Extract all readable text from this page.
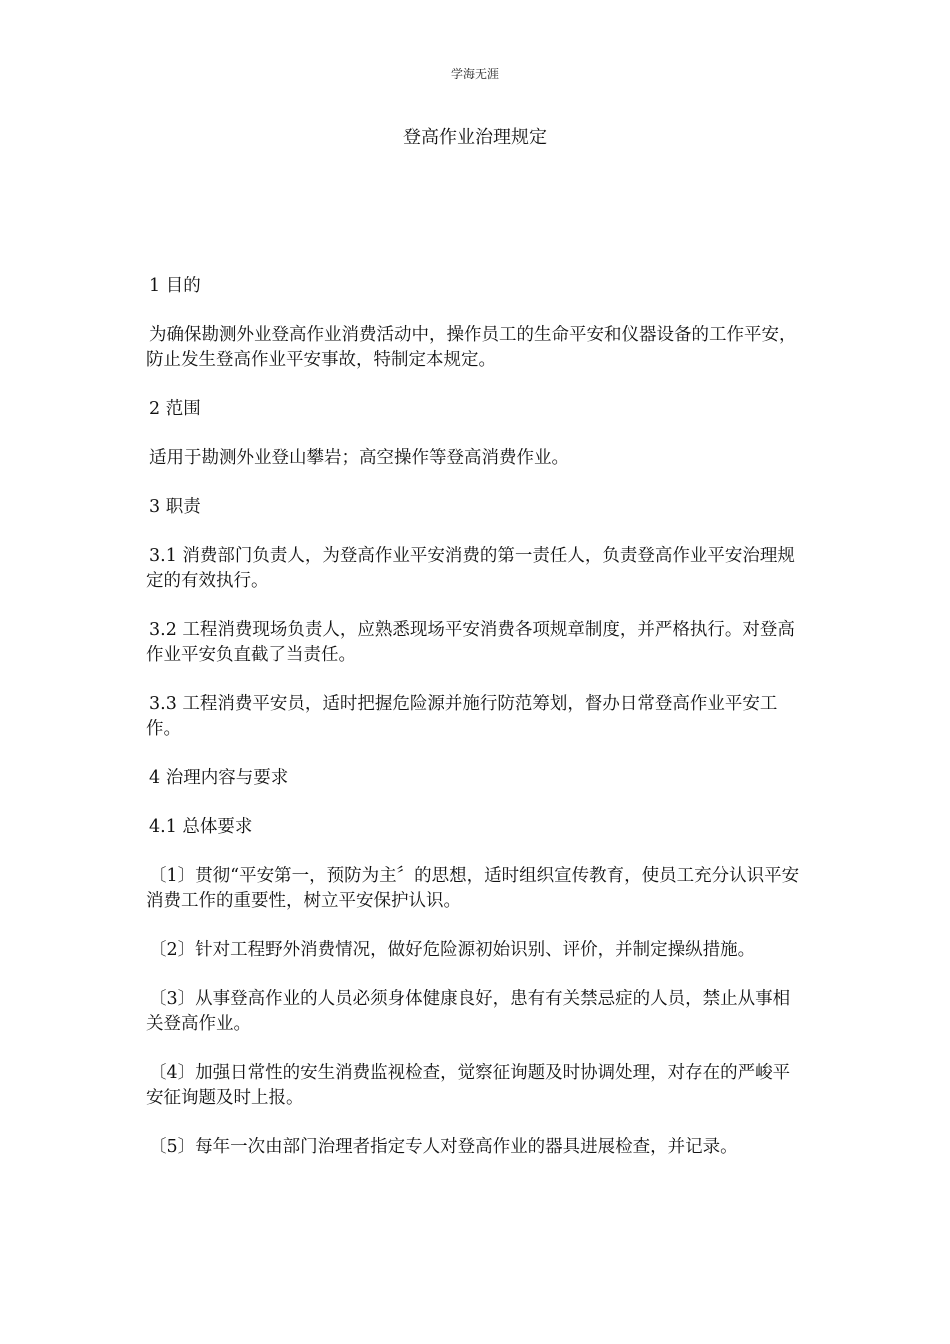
学海无涯
登高作业治理规定

1 目的

为确保勘测外业登高作业消费活动中，操作员工的生命平安和仪器设备的工作平安，防止发生登高作业平安事故，特制定本规定。

2 范围

适用于勘测外业登山攀岩；高空操作等登高消费作业。

3 职责

3.1 消费部门负责人，为登高作业平安消费的第一责任人，负责登高作业平安治理规定的有效执行。

3.2 工程消费现场负责人，应熟悉现场平安消费各项规章制度，并严格执行。对登高作业平安负直截了当责任。

3.3 工程消费平安员，适时把握危险源并施行防范筹划，督办日常登高作业平安工作。

4 治理内容与要求

4.1 总体要求

〔1〕贯彻“平安第一，预防为主〞的思想，适时组织宣传教育，使员工充分认识平安消费工作的重要性，树立平安保护认识。

〔2〕针对工程野外消费情况，做好危险源初始识别、评价，并制定操纵措施。

〔3〕从事登高作业的人员必须身体健康良好，患有有关禁忌症的人员，禁止从事相关登高作业。

〔4〕加强日常性的安生消费监视检查，觉察征询题及时协调处理，对存在的严峻平安征询题及时上报。

〔5〕每年一次由部门治理者指定专人对登高作业的器具进展检查，并记录。
